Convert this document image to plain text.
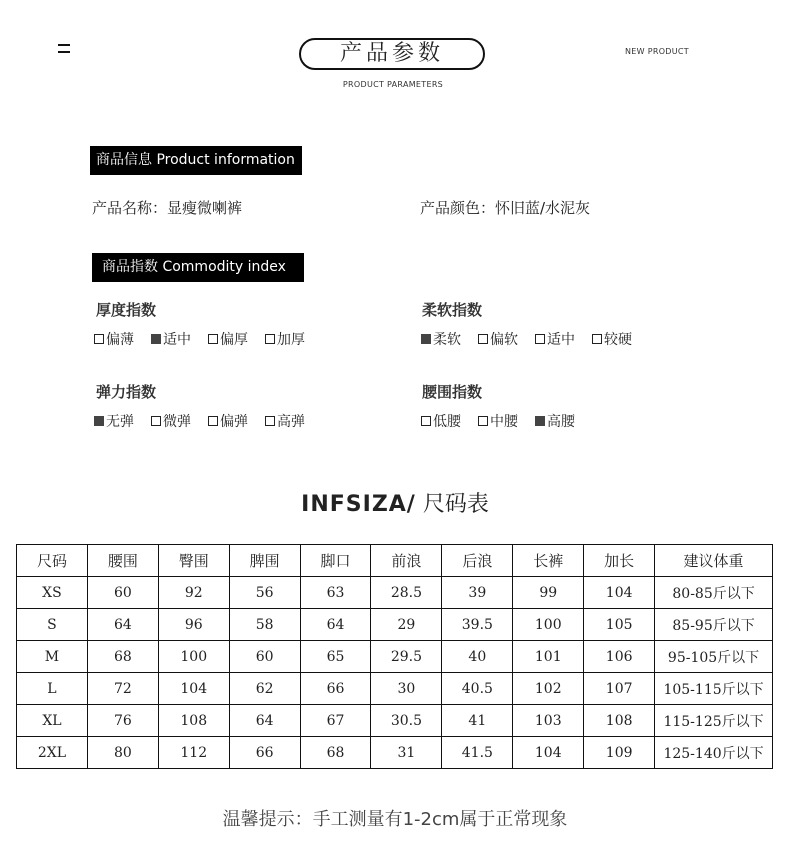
产品参数
PRODUCT PARAMETERS
NEW PRODUCT
商品信息 Product information
产品名称：显瘦微喇裤	产品颜色：怀旧蓝/水泥灰
商品指数 Commodity index
厚度指数
偏薄 适中 偏厚 加厚
柔软指数
柔软 偏软 适中 较硬
弹力指数
无弹 微弹 偏弹 高弹
腰围指数
低腰 中腰 高腰
INFSIZA/ 尺码表
尺码	腰围	臀围	脾围	脚口	前浪	后浪	长裤	加长	建议体重
XS	60	92	56	63	28.5	39	99	104	80-85斤以下
S	64	96	58	64	29	39.5	100	105	85-95斤以下
M	68	100	60	65	29.5	40	101	106	95-105斤以下
L	72	104	62	66	30	40.5	102	107	105-115斤以下
XL	76	108	64	67	30.5	41	103	108	115-125斤以下
2XL	80	112	66	68	31	41.5	104	109	125-140斤以下
温馨提示：手工测量有1-2cm属于正常现象
